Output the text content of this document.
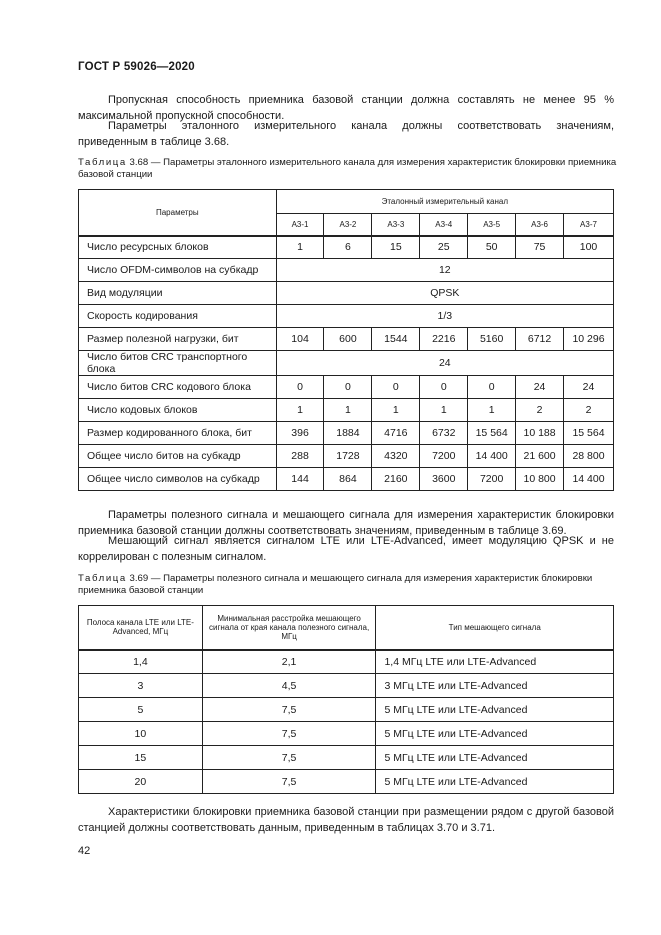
ГОСТ Р 59026—2020

Пропускная способность приемника базовой станции должна составлять не менее 95 % максимальной пропускной способности.

Параметры эталонного измерительного канала должны соответствовать значениям, приведенным в таблице 3.68.

Таблица 3.68 — Параметры эталонного измерительного канала для измерения характеристик блокировки приемника базовой станции
Параметры	Эталонный измерительный канал						
	А3-1	А3-2	А3-3	А3-4	А3-5	А3-6	А3-7
Число ресурсных блоков	1	6	15	25	50	75	100
Число OFDM-символов на субкадр	12						
Вид модуляции	QPSK						
Скорость кодирования	1/3						
Размер полезной нагрузки, бит	104	600	1544	2216	5160	6712	10 296
Число битов CRC транспортного блока	24						
Число битов CRC кодового блока	0	0	0	0	0	24	24
Число кодовых блоков	1	1	1	1	1	2	2
Размер кодированного блока, бит	396	1884	4716	6732	15 564	10 188	15 564
Общее число битов на субкадр	288	1728	4320	7200	14 400	21 600	28 800
Общее число символов на субкадр	144	864	2160	3600	7200	10 800	14 400

Параметры полезного сигнала и мешающего сигнала для измерения характеристик блокировки приемника базовой станции должны соответствовать значениям, приведенным в таблице 3.69.

Мешающий сигнал является сигналом LTE или LTE-Advanced, имеет модуляцию QPSK и не коррелирован с полезным сигналом.

Таблица 3.69 — Параметры полезного сигнала и мешающего сигнала для измерения характеристик блокировки приемника базовой станции
Полоса канала LTE или LTE-Advanced, МГц	Минимальная расстройка мешающего сигнала от края канала полезного сигнала, МГц	Тип мешающего сигнала
1,4	2,1	1,4 МГц LTE или LTE-Advanced
3	4,5	3 МГц LTE или LTE-Advanced
5	7,5	5 МГц LTE или LTE-Advanced
10	7,5	5 МГц LTE или LTE-Advanced
15	7,5	5 МГц LTE или LTE-Advanced
20	7,5	5 МГц LTE или LTE-Advanced

Характеристики блокировки приемника базовой станции при размещении рядом с другой базовой станцией должны соответствовать данным, приведенным в таблицах 3.70 и 3.71.

42
